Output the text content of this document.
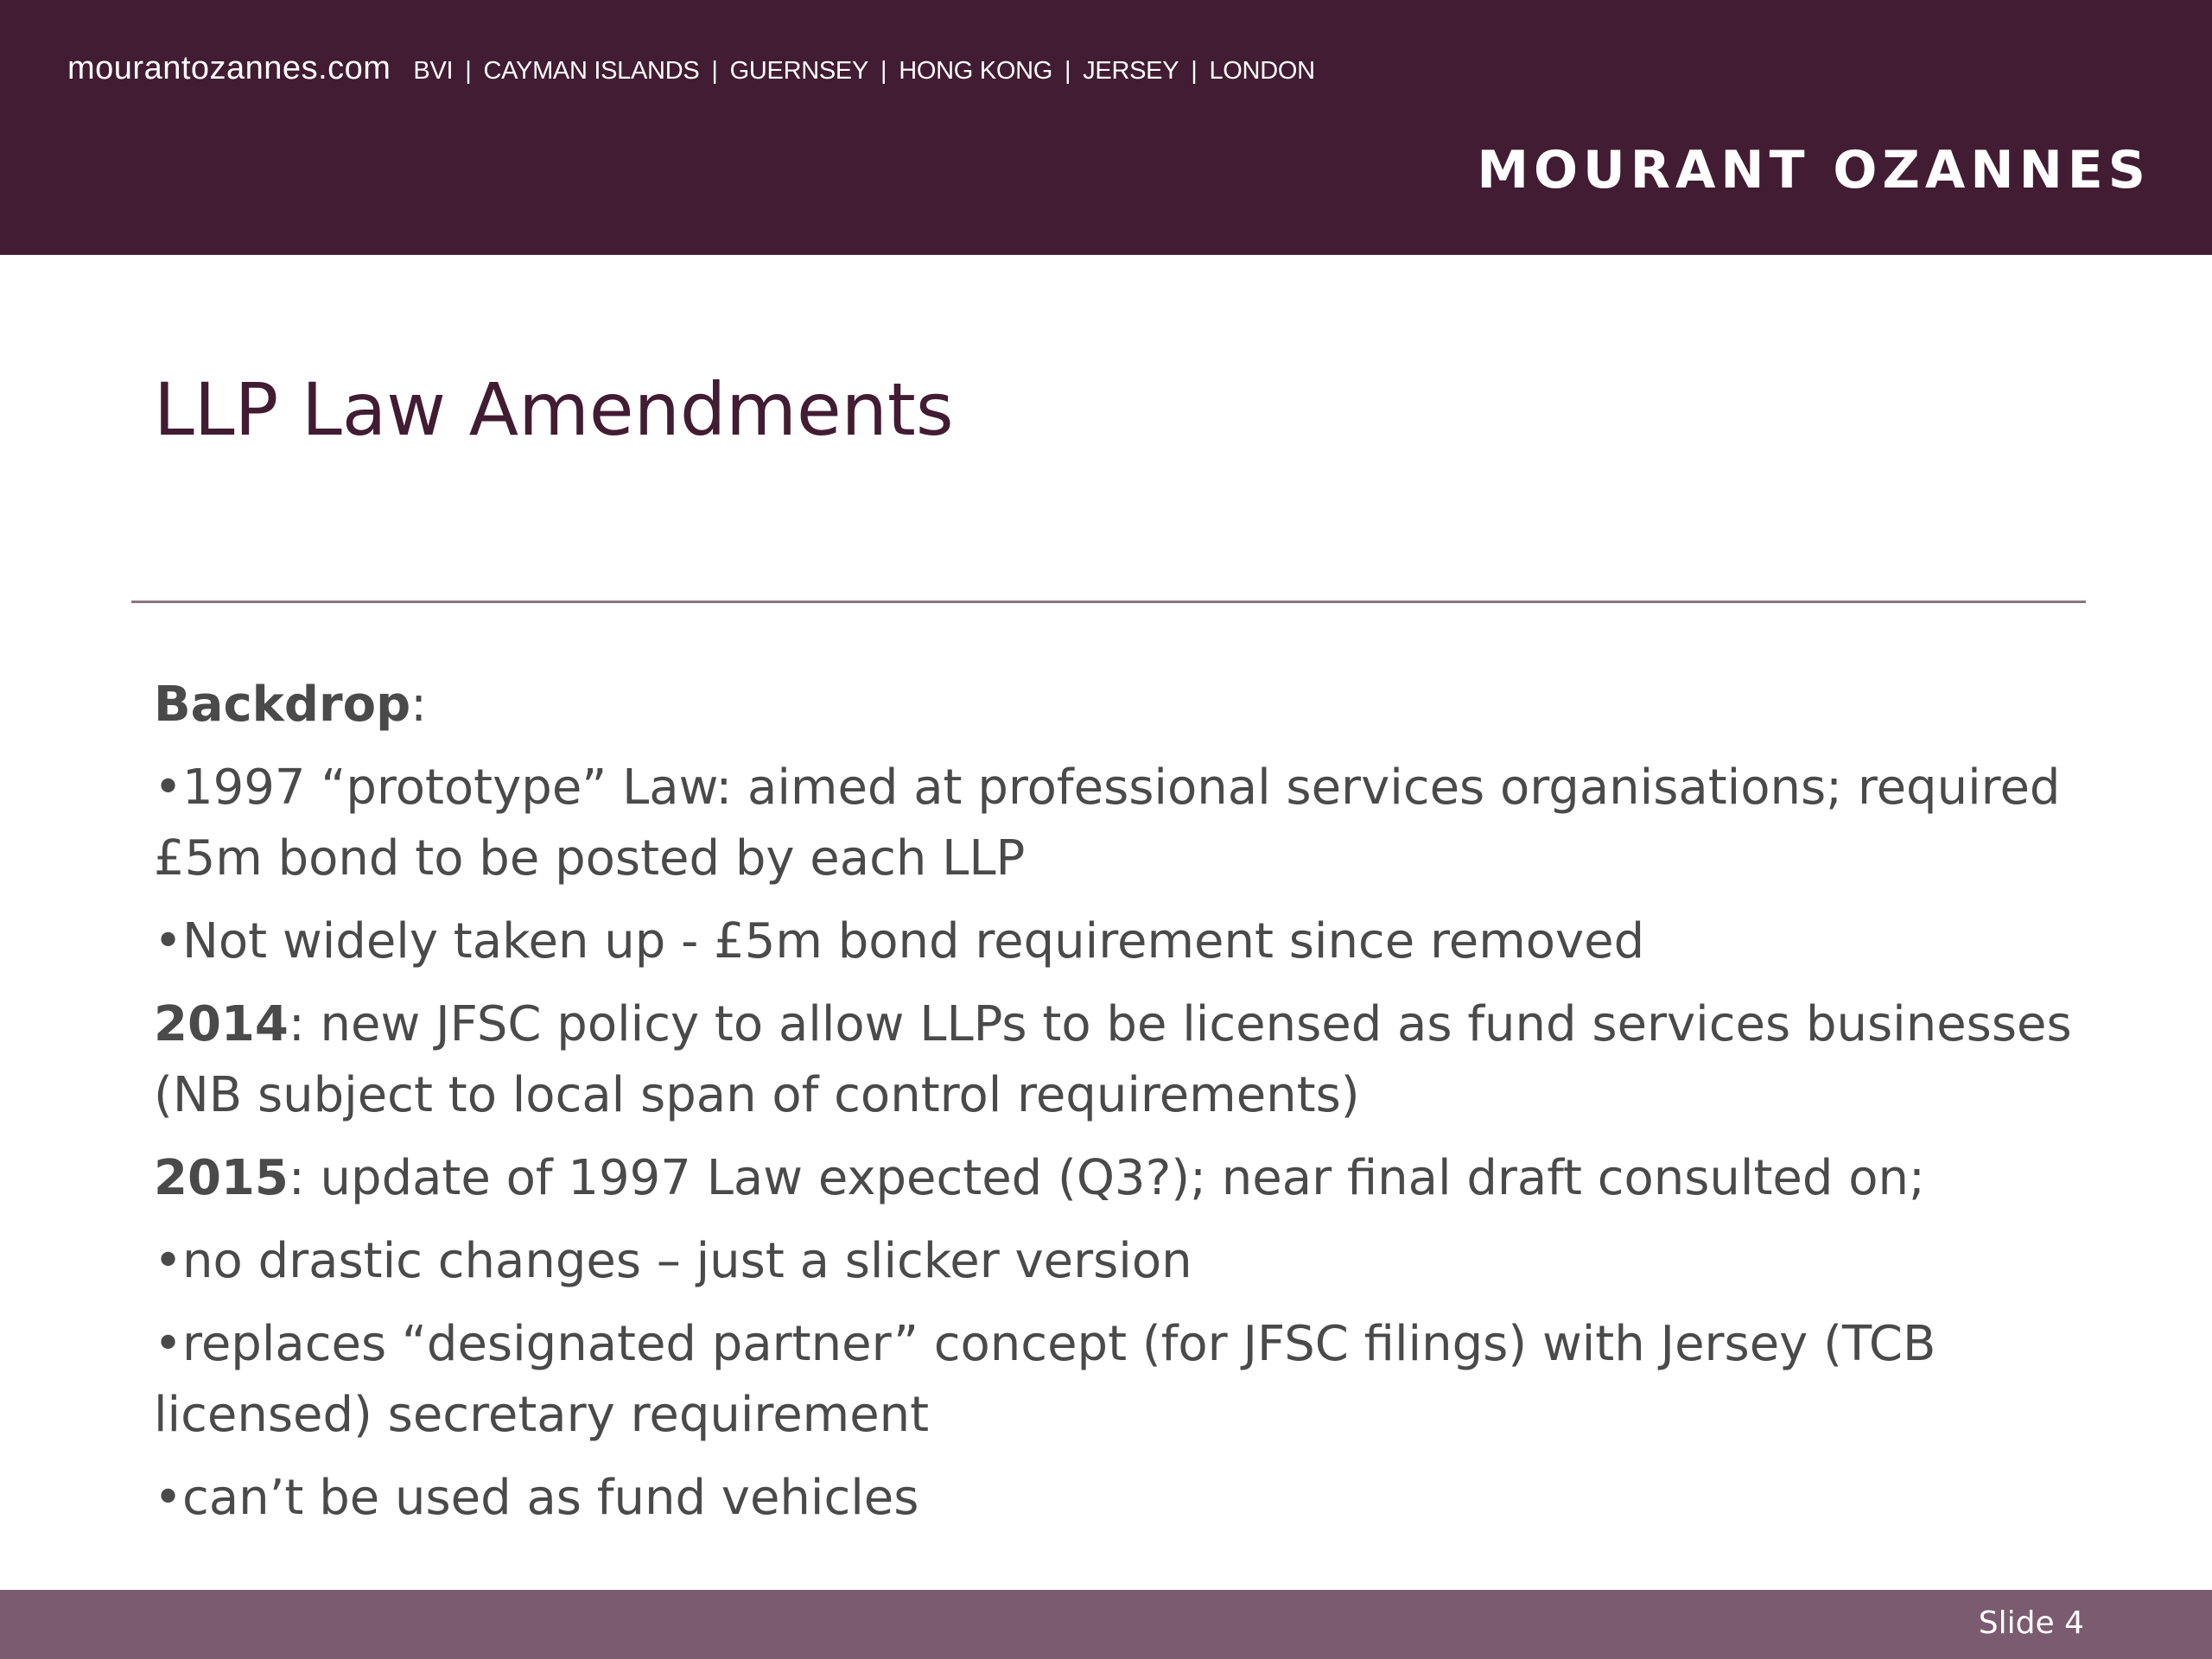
mourantozannes.com BVI | CAYMAN ISLANDS | GUERNSEY | HONG KONG | JERSEY | LONDON
MOURANT OZANNES
LLP Law Amendments

Backdrop:

•1997 “prototype” Law: aimed at professional services organisations; required £5m bond to be posted by each LLP

•Not widely taken up - £5m bond requirement since removed

2014: new JFSC policy to allow LLPs to be licensed as fund services businesses (NB subject to local span of control requirements)

2015: update of 1997 Law expected (Q3?); near final draft consulted on;

•no drastic changes – just a slicker version

•replaces “designated partner” concept (for JFSC filings) with Jersey (TCB licensed) secretary requirement

•can’t be used as fund vehicles

Slide 4
